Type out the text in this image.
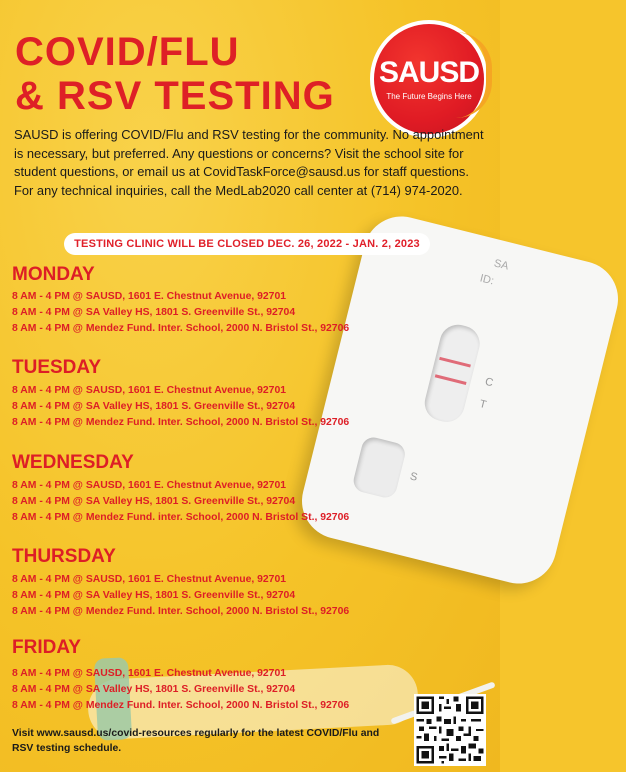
SA
ID:
C
T
S
COVID/FLU
& RSV TESTING
SAUSD
The Future Begins Here

SAUSD is offering COVID/Flu and RSV testing for the community. No appointment is necessary, but preferred. Any questions or concerns? Visit the school site for student questions, or email us at CovidTaskForce@sausd.us for staff questions. For any technical inquiries, call the MedLab2020 call center at (714) 974-2020.

TESTING CLINIC WILL BE CLOSED DEC. 26, 2022 - JAN. 2, 2023
MONDAY

8 AM - 4 PM @ SAUSD, 1601 E. Chestnut Avenue, 92701

8 AM - 4 PM @ SA Valley HS, 1801 S. Greenville St., 92704

8 AM - 4 PM @ Mendez Fund. Inter. School, 2000 N. Bristol St., 92706

TUESDAY

8 AM - 4 PM @ SAUSD, 1601 E. Chestnut Avenue, 92701

8 AM - 4 PM @ SA Valley HS, 1801 S. Greenville St., 92704

8 AM - 4 PM @ Mendez Fund. Inter. School, 2000 N. Bristol St., 92706

WEDNESDAY

8 AM - 4 PM @ SAUSD, 1601 E. Chestnut Avenue, 92701

8 AM - 4 PM @ SA Valley HS, 1801 S. Greenville St., 92704

8 AM - 4 PM @ Mendez Fund. inter. School, 2000 N. Bristol St., 92706

THURSDAY

8 AM - 4 PM @ SAUSD, 1601 E. Chestnut Avenue, 92701

8 AM - 4 PM @ SA Valley HS, 1801 S. Greenville St., 92704

8 AM - 4 PM @ Mendez Fund. Inter. School, 2000 N. Bristol St., 92706

FRIDAY

8 AM - 4 PM @ SAUSD, 1601 E. Chestnut Avenue, 92701

8 AM - 4 PM @ SA Valley HS, 1801 S. Greenville St., 92704

8 AM - 4 PM @ Mendez Fund. Inter. School, 2000 N. Bristol St., 92706

Visit www.sausd.us/covid-resources regularly for the latest COVID/Flu and RSV testing schedule.
